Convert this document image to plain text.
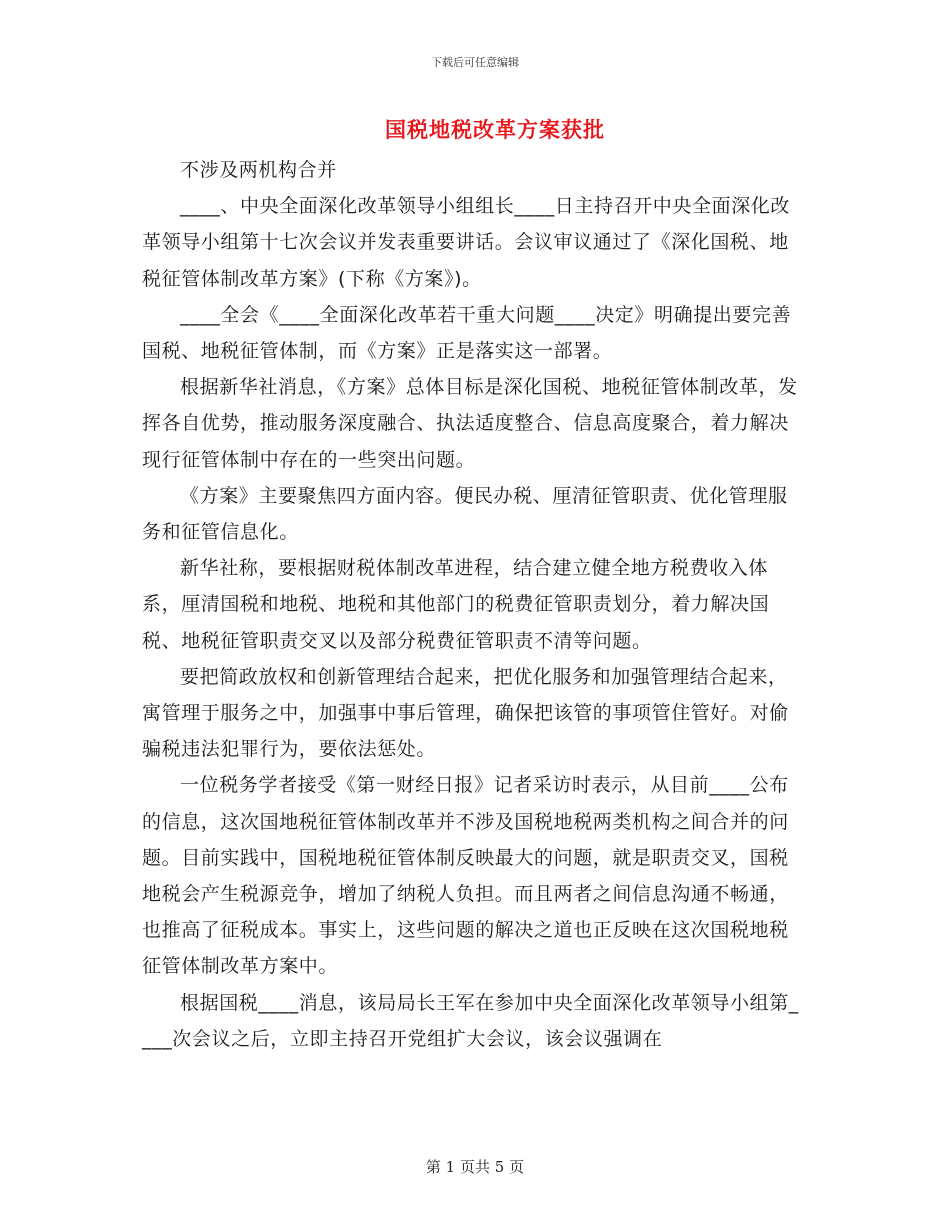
下载后可任意编辑
国税地税改革方案获批

不涉及两机构合并

____、中央全面深化改革领导小组组长____日主持召开中央全面深化改革领导小组第十七次会议并发表重要讲话。会议审议通过了《深化国税、地税征管体制改革方案》(下称《方案》)。

____全会《____全面深化改革若干重大问题____决定》明确提出要完善国税、地税征管体制，而《方案》正是落实这一部署。

根据新华社消息，《方案》总体目标是深化国税、地税征管体制改革，发挥各自优势，推动服务深度融合、执法适度整合、信息高度聚合，着力解决现行征管体制中存在的一些突出问题。

《方案》主要聚焦四方面内容。便民办税、厘清征管职责、优化管理服务和征管信息化。

新华社称，要根据财税体制改革进程，结合建立健全地方税费收入体系，厘清国税和地税、地税和其他部门的税费征管职责划分，着力解决国税、地税征管职责交叉以及部分税费征管职责不清等问题。

要把简政放权和创新管理结合起来，把优化服务和加强管理结合起来，寓管理于服务之中，加强事中事后管理，确保把该管的事项管住管好。对偷骗税违法犯罪行为，要依法惩处。

一位税务学者接受《第一财经日报》记者采访时表示，从目前____公布的信息，这次国地税征管体制改革并不涉及国税地税两类机构之间合并的问题。目前实践中，国税地税征管体制反映最大的问题，就是职责交叉，国税地税会产生税源竞争，增加了纳税人负担。而且两者之间信息沟通不畅通，也推高了征税成本。事实上，这些问题的解决之道也正反映在这次国税地税征管体制改革方案中。

根据国税____消息，该局局长王军在参加中央全面深化改革领导小组第____次会议之后，立即主持召开党组扩大会议，该会议强调在

第 1 页共 5 页
